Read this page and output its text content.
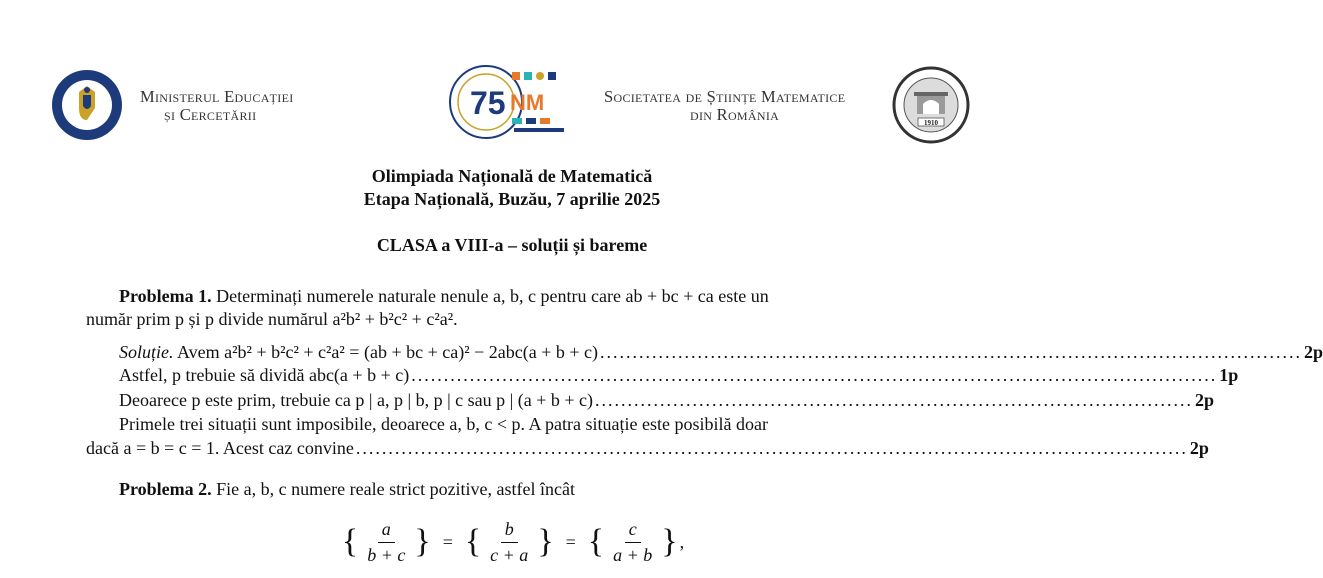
Ministerul Educației
și Cercetării	75 NM	Societatea de Științe Matematice
din România	1910
Olimpiada Națională de Matematică
Etapa Națională, Buzău, 7 aprilie 2025
CLASA a VIII-a – soluții și bareme
Problema 1. Determinați numerele naturale nenule a, b, c pentru care ab + bc + ca este un
număr prim p și p divide numărul a²b² + b²c² + c²a².
Soluție. Avem a²b² + b²c² + c²a² = (ab + bc + ca)² − 2abc(a + b + c) ............................................................................................................ 2p
Astfel, p trebuie să dividă abc(a + b + c) ............................................................................................................................ 1p
Deoarece p este prim, trebuie ca p | a, p | b, p | c sau p | (a + b + c) ............................................................................................ 2p
Primele trei situații sunt imposibile, deoarece a, b, c < p. A patra situație este posibilă doar
dacă a = b = c = 1. Acest caz convine ................................................................................................................................ 2p
Problema 2. Fie a, b, c numere reale strict pozitive, astfel încât
{ $\frac{a}{b + c}$ } = { $\frac{b}{c + a}$ } = { $\frac{c}{a + b}$ } ,
